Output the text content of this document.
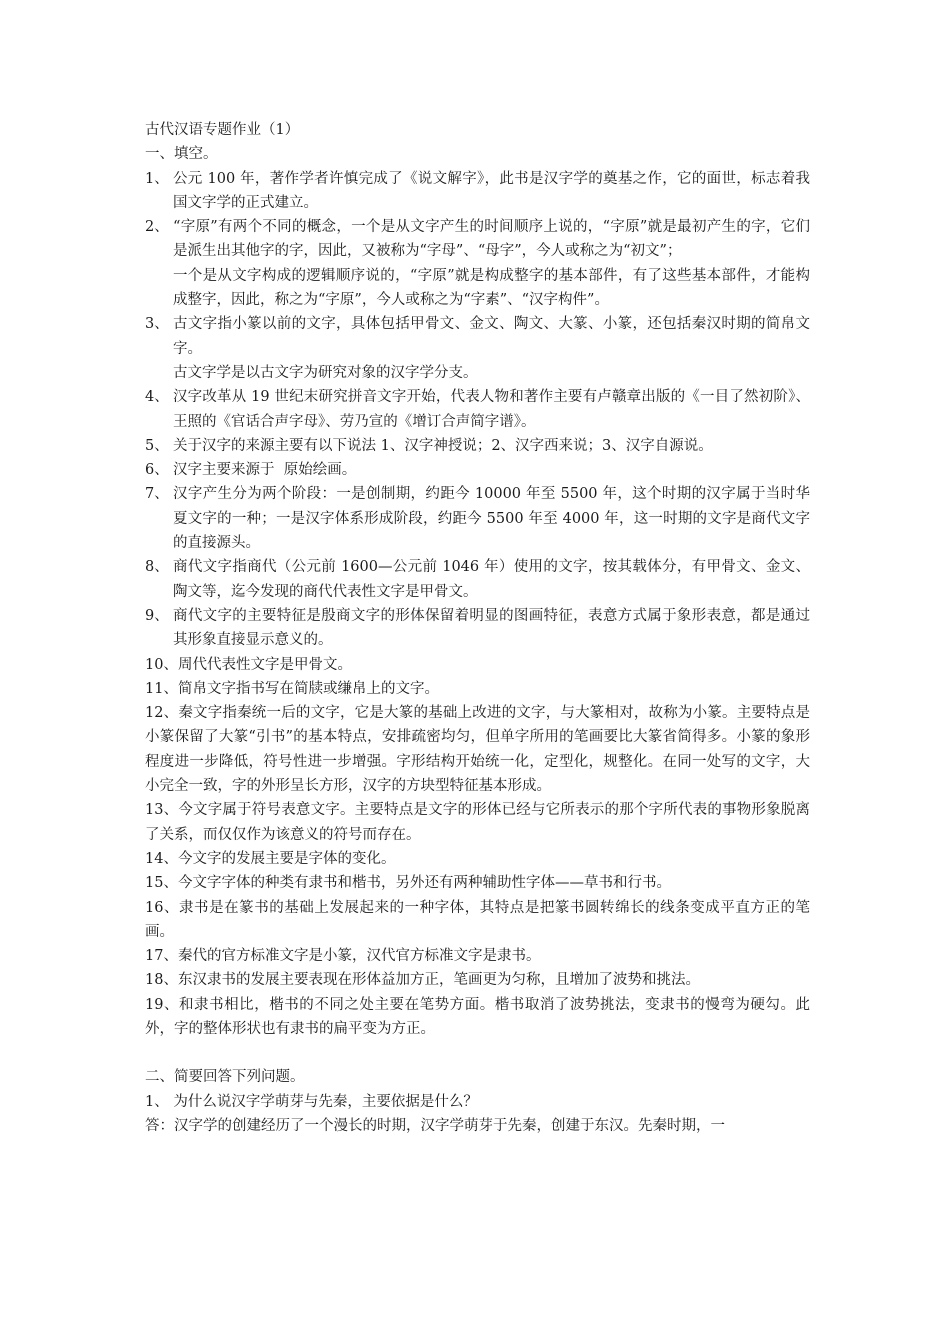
古代汉语专题作业（1）
一、填空。
1、 公元 100 年，著作学者许慎完成了《说文解字》，此书是汉字学的奠基之作，它的面世，标志着我国文字学的正式建立。
2、 “字原”有两个不同的概念，一个是从文字产生的时间顺序上说的，“字原”就是最初产生的字，它们是派生出其他字的字，因此，又被称为“字母”、“母字”，今人或称之为“初文”；
一个是从文字构成的逻辑顺序说的，“字原”就是构成整字的基本部件，有了这些基本部件，才能构成整字，因此，称之为“字原”，今人或称之为“字素”、“汉字构件”。
3、 古文字指小篆以前的文字，具体包括甲骨文、金文、陶文、大篆、小篆，还包括秦汉时期的简帛文字。
古文字学是以古文字为研究对象的汉字学分支。
4、 汉字改革从 19 世纪末研究拼音文字开始，代表人物和著作主要有卢赣章出版的《一目了然初阶》、王照的《官话合声字母》、劳乃宣的《增订合声简字谱》。
5、 关于汉字的来源主要有以下说法 1、汉字神授说；2、汉字西来说；3、汉字自源说。
6、 汉字主要来源于  原始绘画。
7、 汉字产生分为两个阶段：一是创制期，约距今 10000 年至 5500 年，这个时期的汉字属于当时华夏文字的一种；一是汉字体系形成阶段，约距今 5500 年至 4000 年，这一时期的文字是商代文字的直接源头。
8、 商代文字指商代（公元前 1600—公元前 1046 年）使用的文字，按其载体分，有甲骨文、金文、陶文等，迄今发现的商代代表性文字是甲骨文。
9、 商代文字的主要特征是殷商文字的形体保留着明显的图画特征，表意方式属于象形表意，都是通过其形象直接显示意义的。
10、周代代表性文字是甲骨文。
11、简帛文字指书写在简牍或缣帛上的文字。
12、秦文字指秦统一后的文字，它是大篆的基础上改进的文字，与大篆相对，故称为小篆。主要特点是小篆保留了大篆“引书”的基本特点，安排疏密均匀，但单字所用的笔画要比大篆省简得多。小篆的象形程度进一步降低，符号性进一步增强。字形结构开始统一化，定型化，规整化。在同一处写的文字，大小完全一致，字的外形呈长方形，汉字的方块型特征基本形成。
13、今文字属于符号表意文字。主要特点是文字的形体已经与它所表示的那个字所代表的事物形象脱离了关系，而仅仅作为该意义的符号而存在。
14、今文字的发展主要是字体的变化。
15、今文字字体的种类有隶书和楷书，另外还有两种辅助性字体——草书和行书。
16、隶书是在篆书的基础上发展起来的一种字体，其特点是把篆书圆转绵长的线条变成平直方正的笔画。
17、秦代的官方标准文字是小篆，汉代官方标准文字是隶书。
18、东汉隶书的发展主要表现在形体益加方正，笔画更为匀称，且增加了波势和挑法。
19、和隶书相比，楷书的不同之处主要在笔势方面。楷书取消了波势挑法，变隶书的慢弯为硬勾。此外，字的整体形状也有隶书的扁平变为方正。
二、简要回答下列问题。
1、 为什么说汉字学萌芽与先秦，主要依据是什么？
答：汉字学的创建经历了一个漫长的时期，汉字学萌芽于先秦，创建于东汉。先秦时期，一
